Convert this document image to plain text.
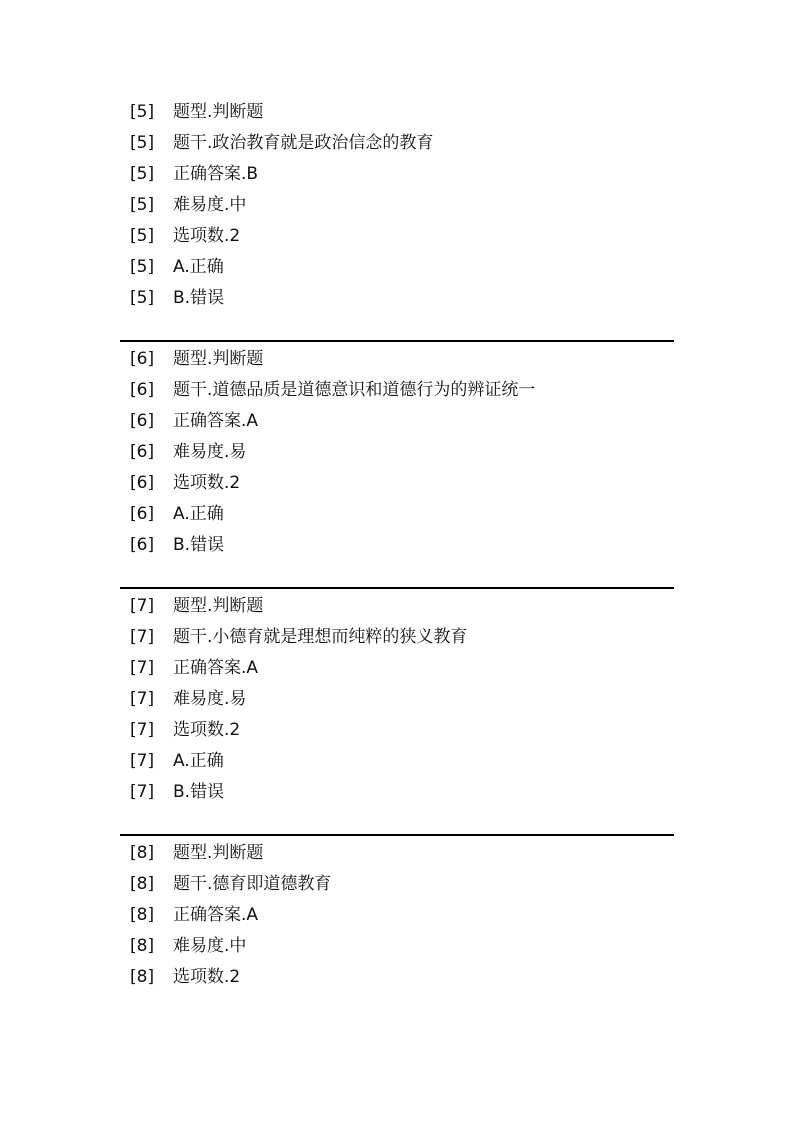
[5] 题型.判断题
[5] 题干.政治教育就是政治信念的教育
[5] 正确答案.B
[5] 难易度.中
[5] 选项数.2
[5] A.正确
[5] B.错误
[6] 题型.判断题
[6] 题干.道德品质是道德意识和道德行为的辨证统一
[6] 正确答案.A
[6] 难易度.易
[6] 选项数.2
[6] A.正确
[6] B.错误
[7] 题型.判断题
[7] 题干.小德育就是理想而纯粹的狭义教育
[7] 正确答案.A
[7] 难易度.易
[7] 选项数.2
[7] A.正确
[7] B.错误
[8] 题型.判断题
[8] 题干.德育即道德教育
[8] 正确答案.A
[8] 难易度.中
[8] 选项数.2
